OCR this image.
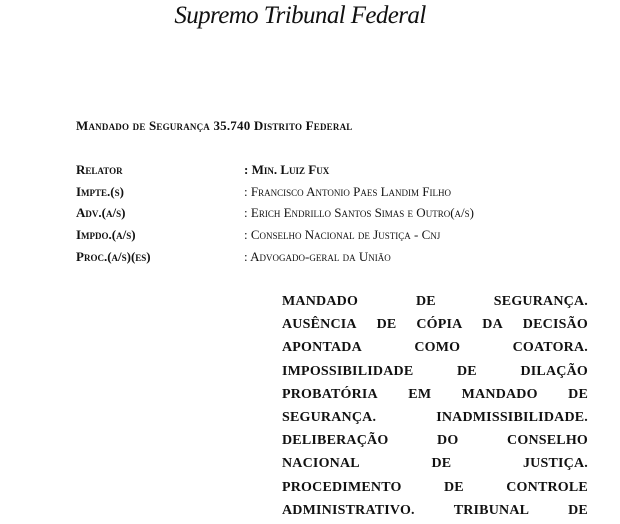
Supremo Tribunal Federal
Mandado de Segurança 35.740 Distrito Federal
Relator	: Min. Luiz Fux
Impte.(s)	: Francisco Antonio Paes Landim Filho
Adv.(a/s)	: Erich Endrillo Santos Simas e Outro(a/s)
Impdo.(a/s)	: Conselho Nacional de Justiça - Cnj
Proc.(a/s)(es)	: Advogado-geral da União
MANDADO	DE	SEGURANÇA.
AUSÊNCIA DE CÓPIA DA DECISÃO
APONTADA	COMO	COATORA.
IMPOSSIBILIDADE	DE	DILAÇÃO
PROBATÓRIA EM MANDADO DE
SEGURANÇA.	INADMISSIBILIDADE.
DELIBERAÇÃO	DO	CONSELHO
NACIONAL	DE	JUSTIÇA.
PROCEDIMENTO	DE	CONTROLE
ADMINISTRATIVO.	TRIBUNAL	DE
